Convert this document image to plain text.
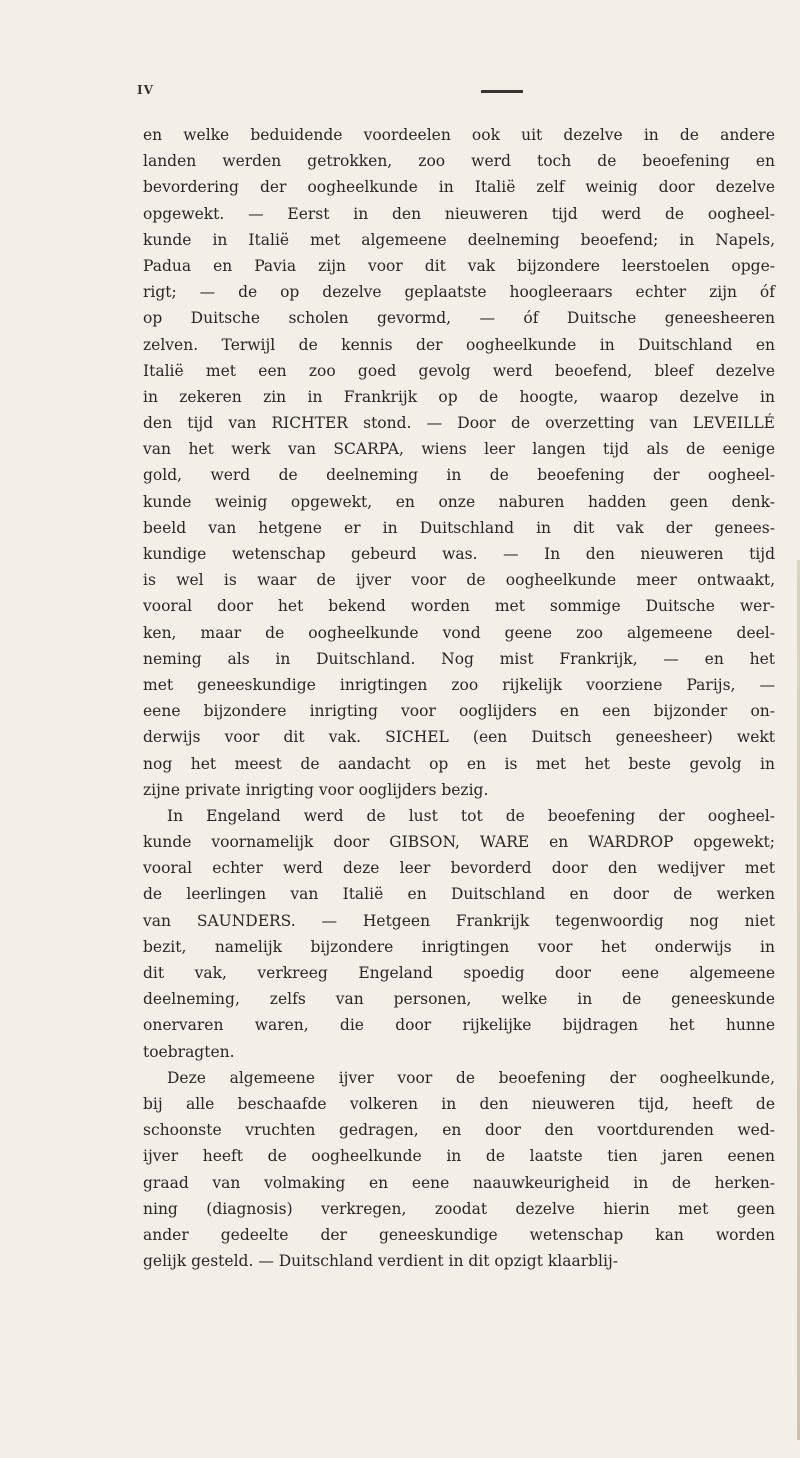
IV
en welke beduidende voordeelen ook uit dezelve in de andere
landen werden getrokken, zoo werd toch de beoefening en
bevordering der oogheelkunde in Italië zelf weinig door dezelve
opgewekt. — Eerst in den nieuweren tijd werd de oogheel-
kunde in Italië met algemeene deelneming beoefend; in Napels,
Padua en Pavia zijn voor dit vak bijzondere leerstoelen opge-
rigt; — de op dezelve geplaatste hoogleeraars echter zijn óf
op Duitsche scholen gevormd, — óf Duitsche geneesheeren
zelven. Terwijl de kennis der oogheelkunde in Duitschland en
Italië met een zoo goed gevolg werd beoefend, bleef dezelve
in zekeren zin in Frankrijk op de hoogte, waarop dezelve in
den tijd van RICHTER stond. — Door de overzetting van LEVEILLÉ
van het werk van SCARPA, wiens leer langen tijd als de eenige
gold, werd de deelneming in de beoefening der oogheel-
kunde weinig opgewekt, en onze naburen hadden geen denk-
beeld van hetgene er in Duitschland in dit vak der genees-
kundige wetenschap gebeurd was. — In den nieuweren tijd
is wel is waar de ijver voor de oogheelkunde meer ontwaakt,
vooral door het bekend worden met sommige Duitsche wer-
ken, maar de oogheelkunde vond geene zoo algemeene deel-
neming als in Duitschland. Nog mist Frankrijk, — en het
met geneeskundige inrigtingen zoo rijkelijk voorziene Parijs, —
eene bijzondere inrigting voor ooglijders en een bijzonder on-
derwijs voor dit vak. SICHEL (een Duitsch geneesheer) wekt
nog het meest de aandacht op en is met het beste gevolg in
zijne private inrigting voor ooglijders bezig.
In Engeland werd de lust tot de beoefening der oogheel-
kunde voornamelijk door GIBSON, WARE en WARDROP opgewekt;
vooral echter werd deze leer bevorderd door den wedijver met
de leerlingen van Italië en Duitschland en door de werken
van SAUNDERS. — Hetgeen Frankrijk tegenwoordig nog niet
bezit, namelijk bijzondere inrigtingen voor het onderwijs in
dit vak, verkreeg Engeland spoedig door eene algemeene
deelneming, zelfs van personen, welke in de geneeskunde
onervaren waren, die door rijkelijke bijdragen het hunne
toebragten.
Deze algemeene ijver voor de beoefening der oogheelkunde,
bij alle beschaafde volkeren in den nieuweren tijd, heeft de
schoonste vruchten gedragen, en door den voortdurenden wed-
ijver heeft de oogheelkunde in de laatste tien jaren eenen
graad van volmaking en eene naauwkeurigheid in de herken-
ning (diagnosis) verkregen, zoodat dezelve hierin met geen
ander gedeelte der geneeskundige wetenschap kan worden
gelijk gesteld. — Duitschland verdient in dit opzigt klaarblij-
